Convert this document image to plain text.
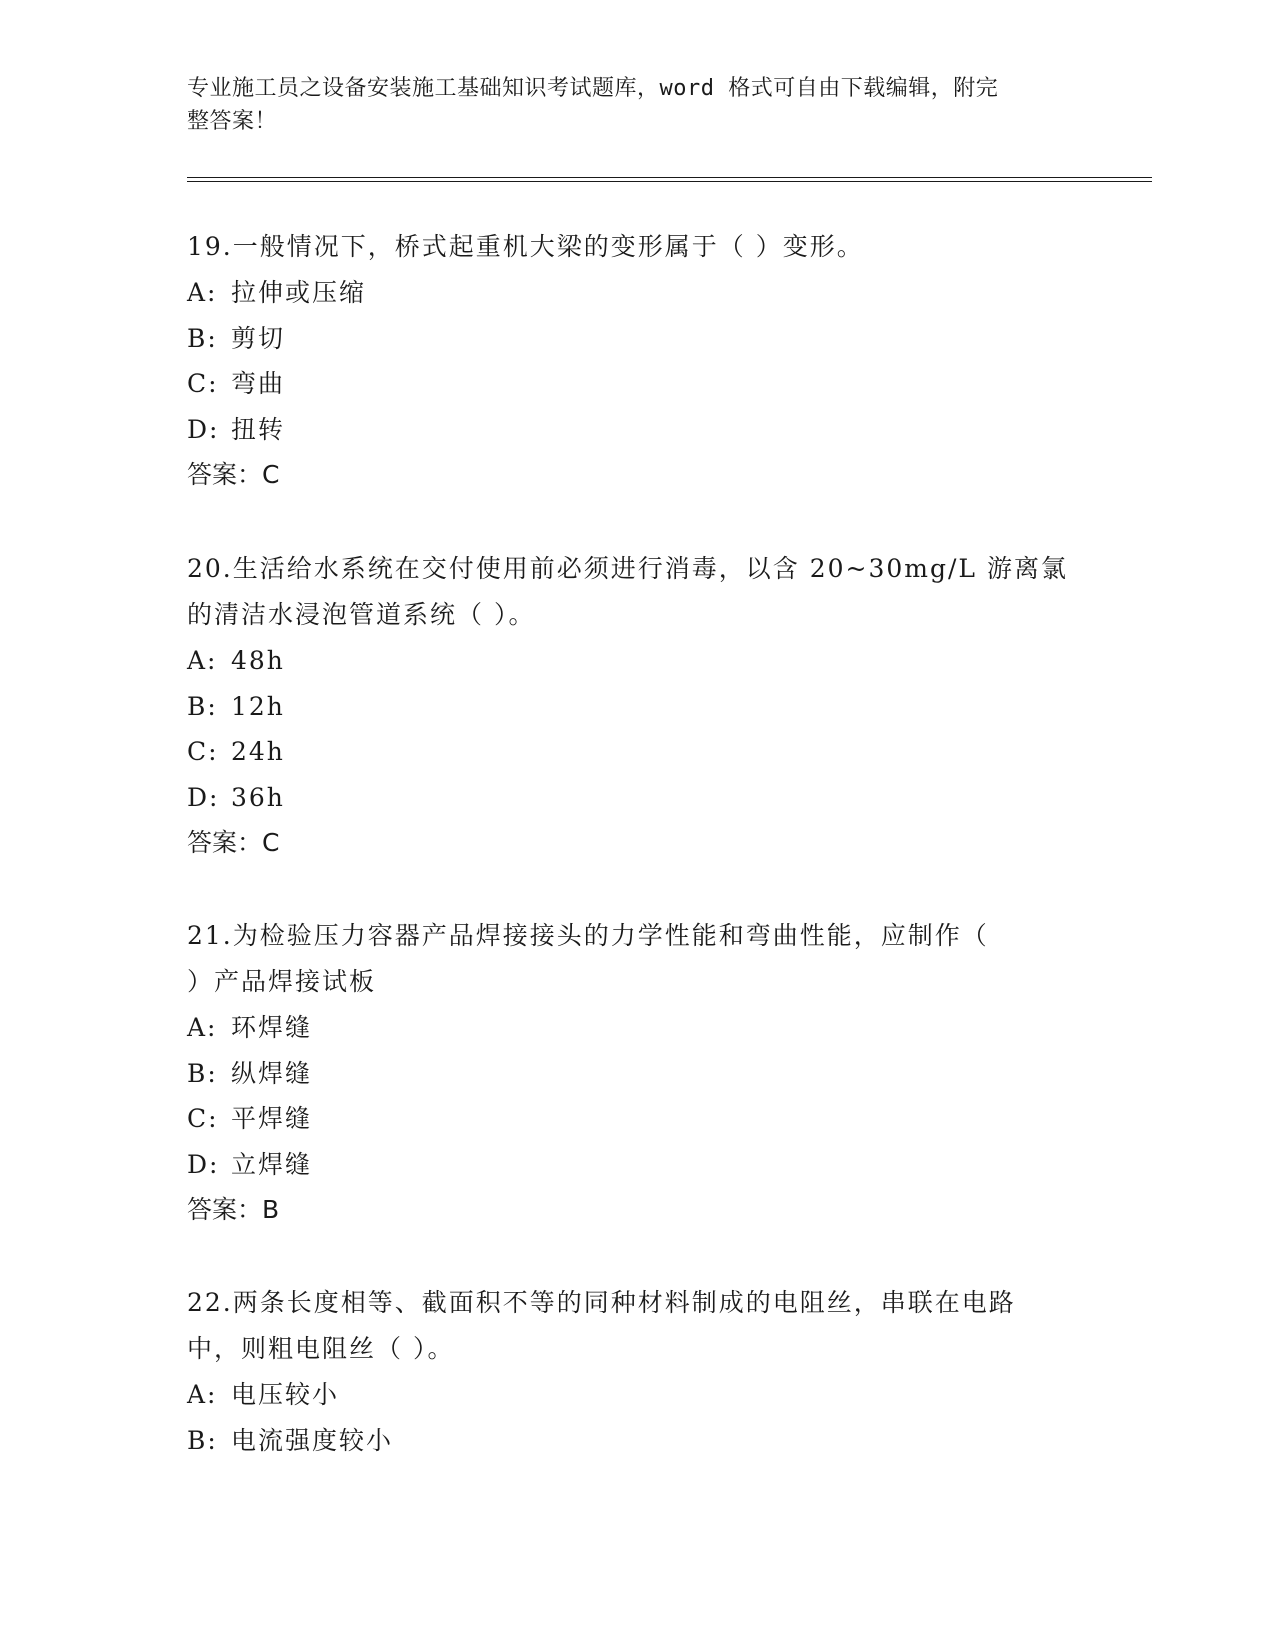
专业施工员之设备安装施工基础知识考试题库，word 格式可自由下载编辑，附完
整答案！

19.一般情况下，桥式起重机大梁的变形属于（ ）变形。

A: 拉伸或压缩

B: 剪切

C: 弯曲

D: 扭转

答案：C

20.生活给水系统在交付使用前必须进行消毒，以含 20~30mg/L 游离氯

的清洁水浸泡管道系统（ ）。

A: 48h

B: 12h

C: 24h

D: 36h

答案：C

21.为检验压力容器产品焊接接头的力学性能和弯曲性能，应制作（

）产品焊接试板

A: 环焊缝

B: 纵焊缝

C: 平焊缝

D: 立焊缝

答案：B

22.两条长度相等、截面积不等的同种材料制成的电阻丝，串联在电路

中，则粗电阻丝（ ）。

A: 电压较小

B: 电流强度较小
